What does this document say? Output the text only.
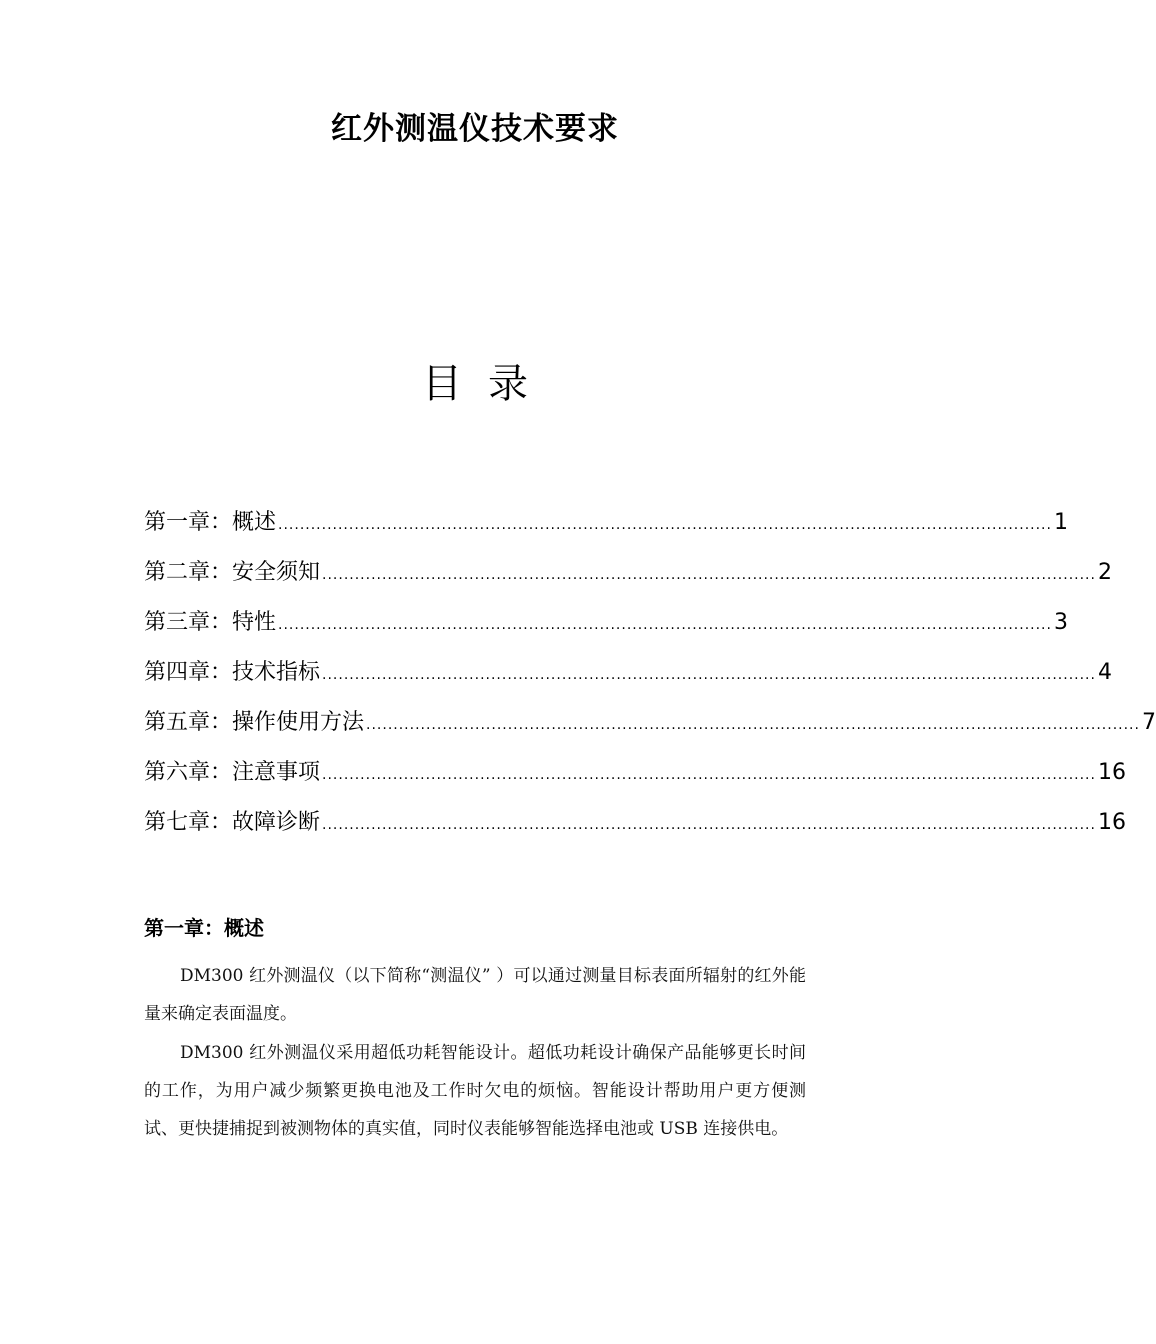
红外测温仪技术要求
目 录
第一章：概述 .............................................................................................................................................. 1
第二章：安全须知 .............................................................................................................................................. 2
第三章：特性 .............................................................................................................................................. 3
第四章：技术指标 .............................................................................................................................................. 4
第五章：操作使用方法 .............................................................................................................................................. 7
第六章：注意事项 .............................................................................................................................................. 16
第七章：故障诊断 .............................................................................................................................................. 16
第一章：概述

DM300 红外测温仪（以下简称“测温仪” ）可以通过测量目标表面所辐射的红外能量来确定表面温度。

DM300 红外测温仪采用超低功耗智能设计。超低功耗设计确保产品能够更长时间的工作，为用户减少频繁更换电池及工作时欠电的烦恼。智能设计帮助用户更方便测试、更快捷捕捉到被测物体的真实值，同时仪表能够智能选择电池或 USB 连接供电。
